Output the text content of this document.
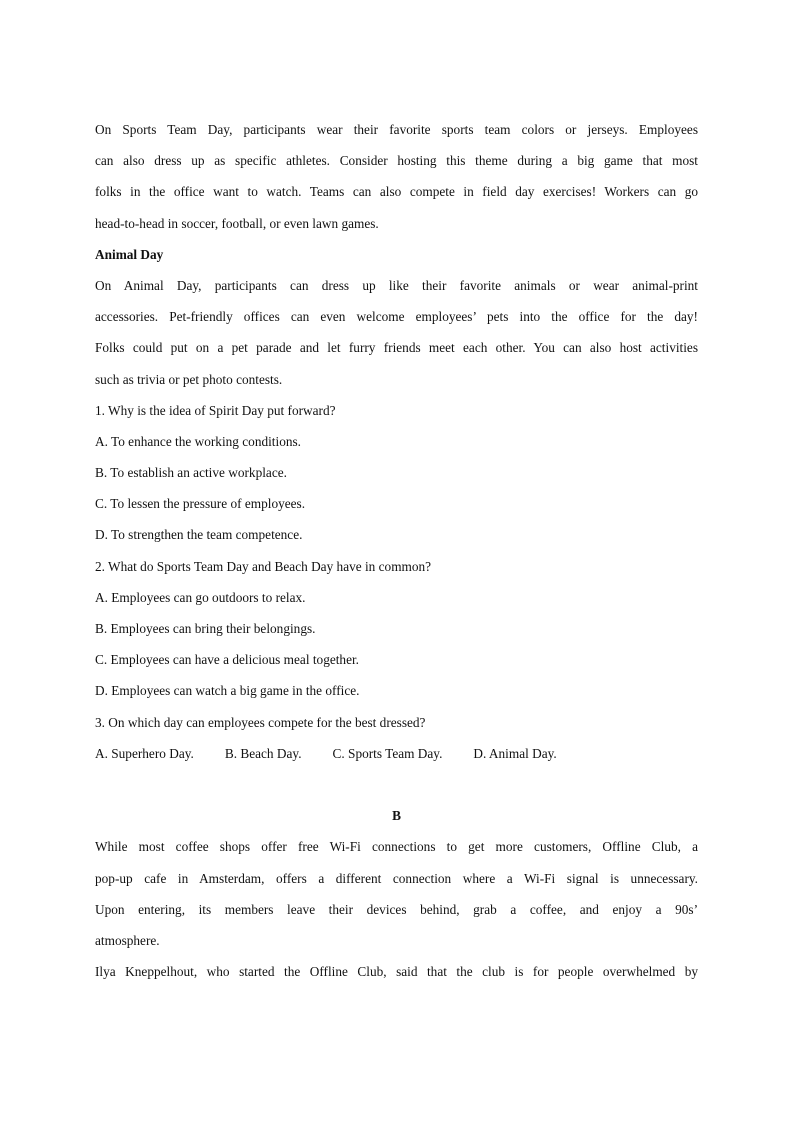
On Sports Team Day, participants wear their favorite sports team colors or jerseys. Employees
can also dress up as specific athletes. Consider hosting this theme during a big game that most
folks in the office want to watch. Teams can also compete in field day exercises! Workers can go
head-to-head in soccer, football, or even lawn games.
Animal Day
On Animal Day, participants can dress up like their favorite animals or wear animal-print
accessories. Pet-friendly offices can even welcome employees’ pets into the office for the day!
Folks could put on a pet parade and let furry friends meet each other. You can also host activities
such as trivia or pet photo contests.
1. Why is the idea of Spirit Day put forward?
A. To enhance the working conditions.
B. To establish an active workplace.
C. To lessen the pressure of employees.
D. To strengthen the team competence.
2. What do Sports Team Day and Beach Day have in common?
A. Employees can go outdoors to relax.
B. Employees can bring their belongings.
C. Employees can have a delicious meal together.
D. Employees can watch a big game in the office.
3. On which day can employees compete for the best dressed?
A. Superhero Day. B. Beach Day. C. Sports Team Day. D. Animal Day.
B
While most coffee shops offer free Wi-Fi connections to get more customers, Offline Club, a
pop-up cafe in Amsterdam, offers a different connection where a Wi-Fi signal is unnecessary.
Upon entering, its members leave their devices behind, grab a coffee, and enjoy a 90s’
atmosphere.
Ilya Kneppelhout, who started the Offline Club, said that the club is for people overwhelmed by
